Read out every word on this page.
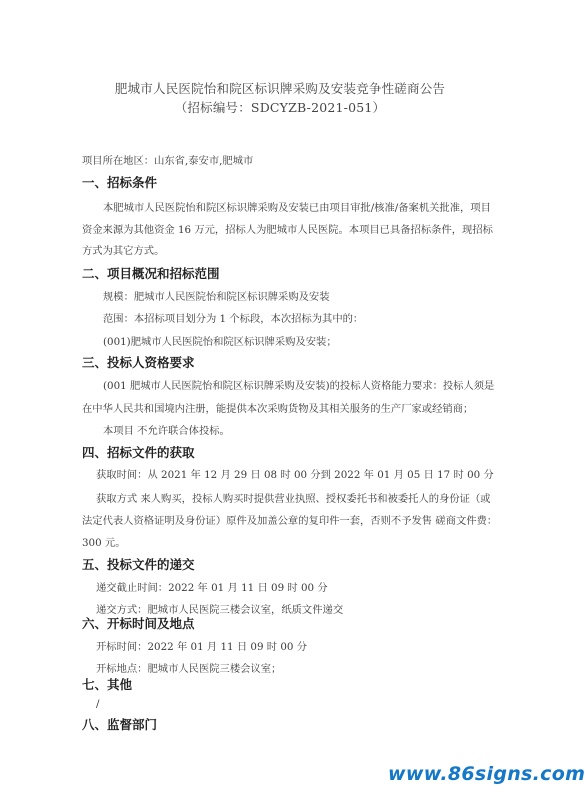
肥城市人民医院怡和院区标识牌采购及安装竞争性磋商公告
（招标编号：SDCYZB-2021-051）
项目所在地区：山东省,泰安市,肥城市
一、招标条件
本肥城市人民医院怡和院区标识牌采购及安装已由项目审批/核准/备案机关批准，项目
资金来源为其他资金 16 万元，招标人为肥城市人民医院。本项目已具备招标条件，现招标
方式为其它方式。
二、项目概况和招标范围
规模：肥城市人民医院怡和院区标识牌采购及安装
范围：本招标项目划分为 1 个标段，本次招标为其中的：
(001)肥城市人民医院怡和院区标识牌采购及安装；
三、投标人资格要求
(001 肥城市人民医院怡和院区标识牌采购及安装)的投标人资格能力要求：投标人须是
在中华人民共和国境内注册，能提供本次采购货物及其相关服务的生产厂家或经销商；
本项目 不允许联合体投标。
四、招标文件的获取
获取时间：从 2021 年 12 月 29 日 08 时 00 分到 2022 年 01 月 05 日 17 时 00 分
获取方式 来人购买，投标人购买时提供营业执照、授权委托书和被委托人的身份证（或
法定代表人资格证明及身份证）原件及加盖公章的复印件一套，否则不予发售 磋商文件费：
300 元。
五、投标文件的递交
递交截止时间：2022 年 01 月 11 日 09 时 00 分
递交方式：肥城市人民医院三楼会议室，纸质文件递交
六、开标时间及地点
开标时间：2022 年 01 月 11 日 09 时 00 分
开标地点：肥城市人民医院三楼会议室；
七、其他
/
八、监督部门
www.86signs.com
